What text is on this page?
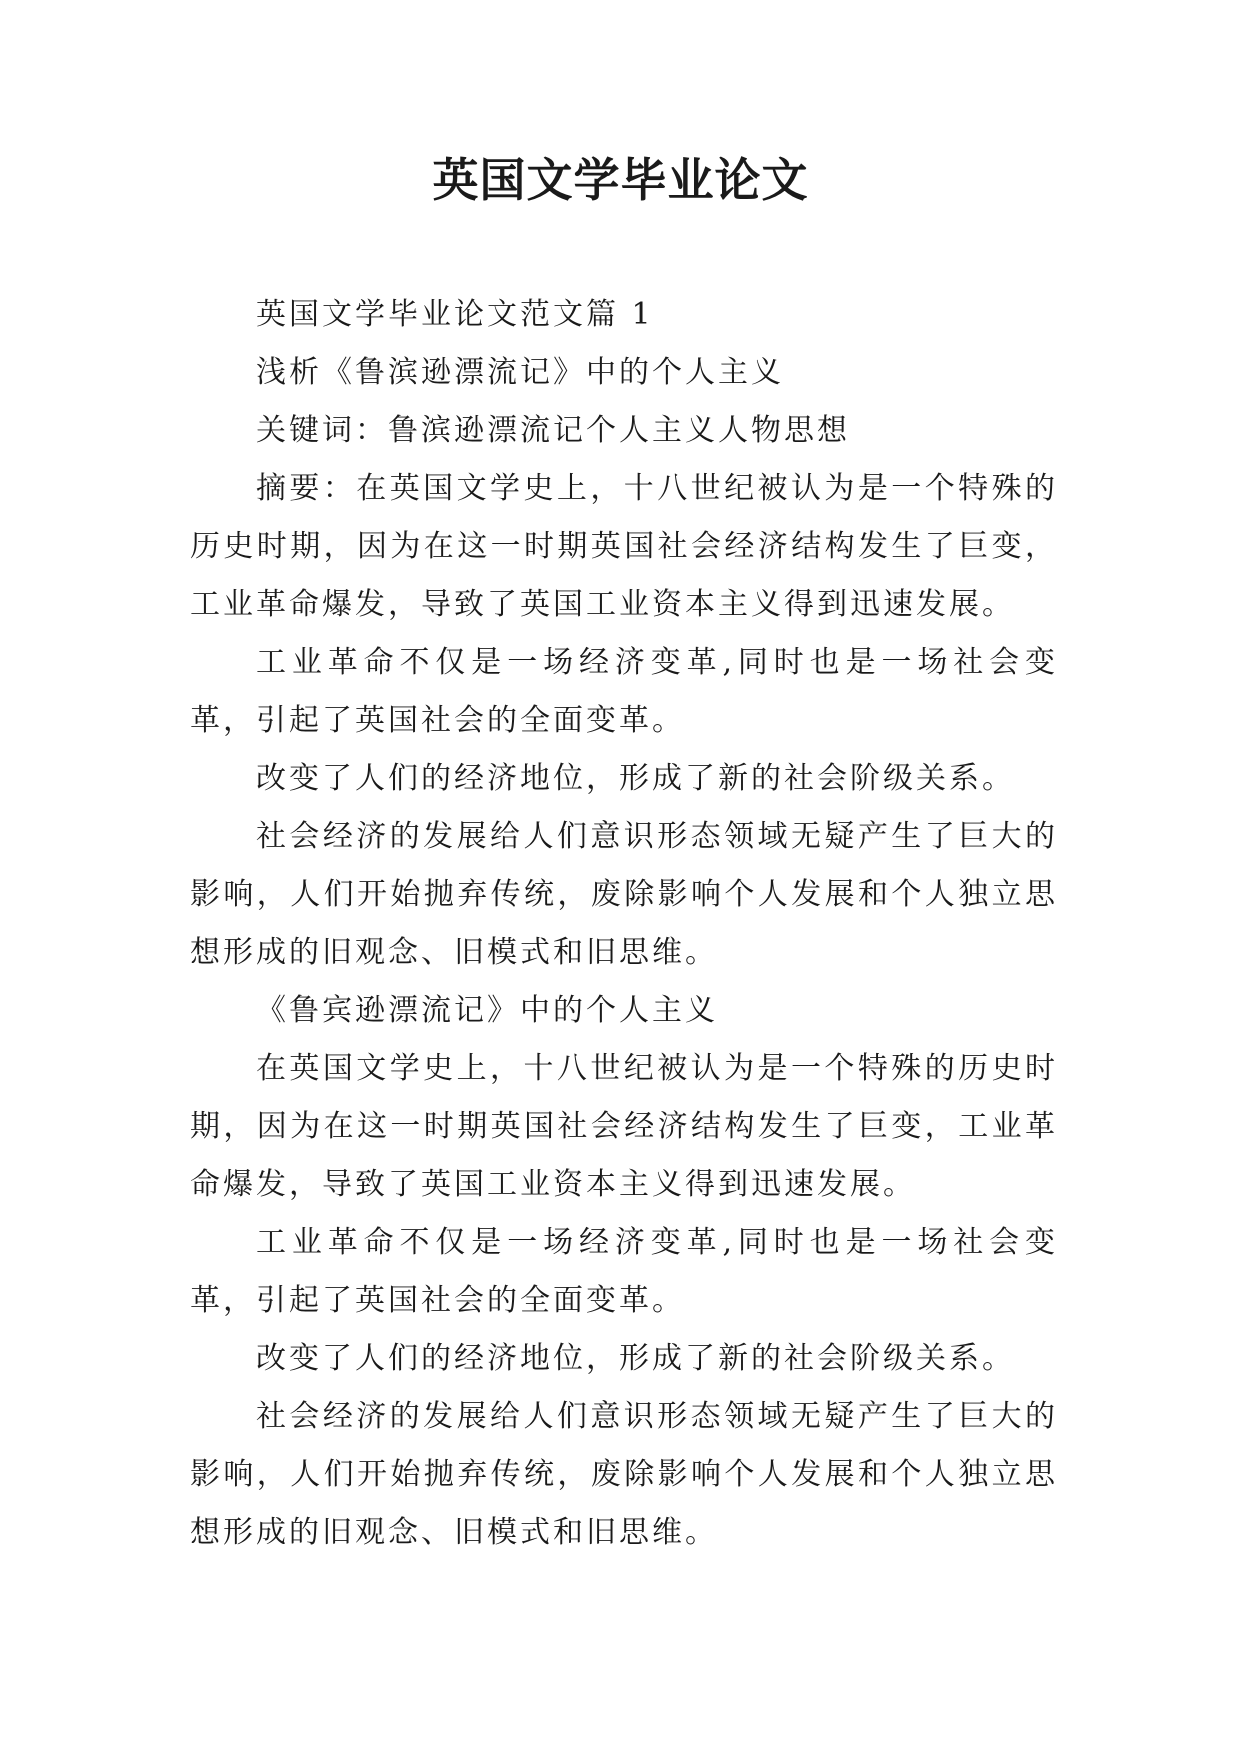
英国文学毕业论文

英国文学毕业论文范文篇 1

浅析《鲁滨逊漂流记》中的个人主义

关键词：鲁滨逊漂流记个人主义人物思想

摘要：在英国文学史上，十八世纪被认为是一个特殊的历史时期，因为在这一时期英国社会经济结构发生了巨变，工业革命爆发，导致了英国工业资本主义得到迅速发展。

工业革命不仅是一场经济变革,同时也是一场社会变革，引起了英国社会的全面变革。

改变了人们的经济地位，形成了新的社会阶级关系。

社会经济的发展给人们意识形态领域无疑产生了巨大的影响，人们开始抛弃传统，废除影响个人发展和个人独立思想形成的旧观念、旧模式和旧思维。

《鲁宾逊漂流记》中的个人主义

在英国文学史上，十八世纪被认为是一个特殊的历史时期，因为在这一时期英国社会经济结构发生了巨变，工业革命爆发，导致了英国工业资本主义得到迅速发展。

工业革命不仅是一场经济变革,同时也是一场社会变革，引起了英国社会的全面变革。

改变了人们的经济地位，形成了新的社会阶级关系。

社会经济的发展给人们意识形态领域无疑产生了巨大的影响，人们开始抛弃传统，废除影响个人发展和个人独立思想形成的旧观念、旧模式和旧思维。
